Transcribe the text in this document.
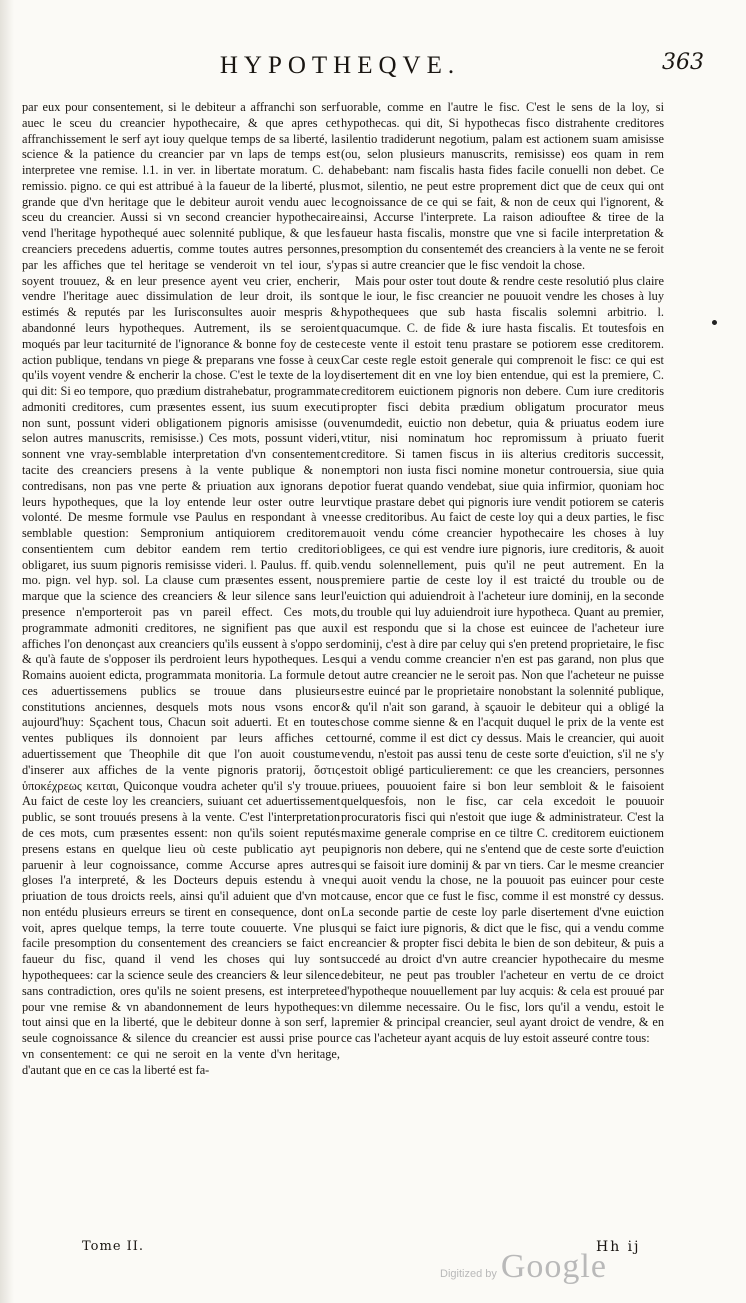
HYPOTHEQVE.	363

par eux pour consentement, si le debiteur a affranchi son serf auec le sceu du creancier hypothecaire, & que apres cet affranchissement le serf ayt iouy quelque temps de sa liberté, la science & la patience du creancier par vn laps de temps est interpretee vne remise. l.1. in ver. in libertate moratum. C. de remissio. pigno. ce qui est attribué à la faueur de la liberté, plus grande que d'vn heritage que le debiteur auroit vendu auec le sceu du creancier. Aussi si vn second creancier hypothecaire vend l'heritage hypothequé auec solennité publique, & que les creanciers precedens aduertis, comme toutes autres personnes, par les affiches que tel heritage se venderoit vn tel iour, s'y soyent trouuez, & en leur presence ayent veu crier, encherir, vendre l'heritage auec dissimulation de leur droit, ils sont estimés & reputés par les Iurisconsultes auoir mespris & abandonné leurs hypotheques. Autrement, ils se seroient moqués par leur taciturnité de l'ignorance & bonne foy de ceste action publique, tendans vn piege & preparans vne fosse à ceux qu'ils voyent vendre & encherir la chose. C'est le texte de la loy qui dit: Si eo tempore, quo prædium distrahebatur, programmate admoniti creditores, cum præsentes essent, ius suum executi non sunt, possunt videri obligationem pignoris amisisse (ou selon autres manuscrits, remisisse.) Ces mots, possunt videri, sonnent vne vray-semblable interpretation d'vn consentement tacite des creanciers presens à la vente publique & non contredisans, non pas vne perte & priuation aux ignorans de leurs hypotheques, que la loy entende leur oster outre leur volonté. De mesme formule vse Paulus en respondant à vne semblable question: Sempronium antiquiorem creditorem consentientem cum debitor eandem rem tertio creditori obligaret, ius suum pignoris remisisse videri. l. Paulus. ff. quib. mo. pign. vel hyp. sol. La clause cum præsentes essent, nous marque que la science des creanciers & leur silence sans leur presence n'emporteroit pas vn pareil effect. Ces mots, programmate admoniti creditores, ne signifient pas que aux affiches l'on denonçast aux creanciers qu'ils eussent à s'oppo ser & qu'à faute de s'opposer ils perdroient leurs hypotheques. Les Romains auoient edicta, programmata monitoria. La formule de ces aduertissemens publics se trouue dans plusieurs constitutions anciennes, desquels mots nous vsons encor aujourd'huy: Sçachent tous, Chacun soit aduerti. Et en toutes ventes publiques ils donnoient par leurs affiches cet aduertissement que Theophile dit que l'on auoit coustume d'inserer aux affiches de la vente pignoris pratorij, ὅστις ὑποκέχρεως κειται, Quiconque voudra acheter qu'il s'y trouue. Au faict de ceste loy les creanciers, suiuant cet aduertissement public, se sont trouués presens à la vente. C'est l'interpretation de ces mots, cum præsentes essent: non qu'ils soient reputés presens estans en quelque lieu où ceste publicatio ayt peu paruenir à leur cognoissance, comme Accurse apres autres gloses l'a interpreté, & les Docteurs depuis estendu à vne priuation de tous droicts reels, ainsi qu'il aduient que d'vn mot non entédu plusieurs erreurs se tirent en consequence, dont on voit, apres quelque temps, la terre toute couuerte. Vne plus facile presomption du consentement des creanciers se faict en faueur du fisc, quand il vend les choses qui luy sont hypothequees: car la science seule des creanciers & leur silence sans contradiction, ores qu'ils ne soient presens, est interpretee pour vne remise & vn abandonnement de leurs hypotheques: tout ainsi que en la liberté, que le debiteur donne à son serf, la seule cognoissance & silence du creancier est aussi prise pour vn consentement: ce qui ne seroit en la vente d'vn heritage, d'autant que en ce cas la liberté est fa-

uorable, comme en l'autre le fisc. C'est le sens de la loy, si hypothecas. qui dit, Si hypothecas fisco distrahente creditores silentio tradiderunt negotium, palam est actionem suam amisisse (ou, selon plusieurs manuscrits, remisisse) eos quam in rem habebant: nam fiscalis hasta fides facile conuelli non debet. Ce mot, silentio, ne peut estre proprement dict que de ceux qui ont cognoissance de ce qui se fait, & non de ceux qui l'ignorent, & ainsi, Accurse l'interprete. La raison adiouftee & tiree de la faueur hasta fiscalis, monstre que vne si facile interpretation & presomption du consentemét des creanciers à la vente ne se feroit pas si autre creancier que le fisc vendoit la chose.

Mais pour oster tout doute & rendre ceste resolutió plus claire que le iour, le fisc creancier ne pouuoit vendre les choses à luy hypothequees que sub hasta fiscalis solemni arbitrio. l. quacumque. C. de fide & iure hasta fiscalis. Et toutesfois en ceste vente il estoit tenu prastare se potiorem esse creditorem. Car ceste regle estoit generale qui comprenoit le fisc: ce qui est disertement dit en vne loy bien entendue, qui est la premiere, C. creditorem euictionem pignoris non debere. Cum iure creditoris propter fisci debita prædium obligatum procurator meus venumdedit, euictio non debetur, quia & priuatus eodem iure vtitur, nisi nominatum hoc repromissum à priuato fuerit creditore. Si tamen fiscus in iis alterius creditoris successit, emptori non iusta fisci nomine monetur controuersia, siue quia potior fuerat quando vendebat, siue quia infirmior, quoniam hoc vtique prastare debet qui pignoris iure vendit potiorem se cateris esse creditoribus. Au faict de ceste loy qui a deux parties, le fisc auoit vendu cóme creancier hypothecaire les choses à luy obligees, ce qui est vendre iure pignoris, iure creditoris, & auoit vendu solennellement, puis qu'il ne peut autrement. En la premiere partie de ceste loy il est traicté du trouble ou de l'euiction qui aduiendroit à l'acheteur iure dominij, en la seconde du trouble qui luy aduiendroit iure hypotheca. Quant au premier, il est respondu que si la chose est euincee de l'acheteur iure dominij, c'est à dire par celuy qui s'en pretend proprietaire, le fisc qui a vendu comme creancier n'en est pas garand, non plus que tout autre creancier ne le seroit pas. Non que l'acheteur ne puisse estre euincé par le proprietaire nonobstant la solennité publique, & qu'il n'ait son garand, à sçauoir le debiteur qui a obligé la chose comme sienne & en l'acquit duquel le prix de la vente est tourné, comme il est dict cy dessus. Mais le creancier, qui auoit vendu, n'estoit pas aussi tenu de ceste sorte d'euiction, s'il ne s'y estoit obligé particulierement: ce que les creanciers, personnes priuees, pouuoient faire si bon leur sembloit & le faisoient quelquesfois, non le fisc, car cela excedoit le pouuoir procuratoris fisci qui n'estoit que iuge & administrateur. C'est la maxime generale comprise en ce tiltre C. creditorem euictionem pignoris non debere, qui ne s'entend que de ceste sorte d'euiction qui se faisoit iure dominij & par vn tiers. Car le mesme creancier qui auoit vendu la chose, ne la pouuoit pas euincer pour ceste cause, encor que ce fust le fisc, comme il est monstré cy dessus. La seconde partie de ceste loy parle disertement d'vne euiction qui se faict iure pignoris, & dict que le fisc, qui a vendu comme creancier & propter fisci debita le bien de son debiteur, & puis a succedé au droict d'vn autre creancier hypothecaire du mesme debiteur, ne peut pas troubler l'acheteur en vertu de ce droict d'hypotheque nouuellement par luy acquis: & cela est prouué par vn dilemme necessaire. Ou le fisc, lors qu'il a vendu, estoit le premier & principal creancier, seul ayant droict de vendre, & en ce cas l'acheteur ayant acquis de luy estoit asseuré contre tous:

Tome II.	Hh ij
Digitized by Google
